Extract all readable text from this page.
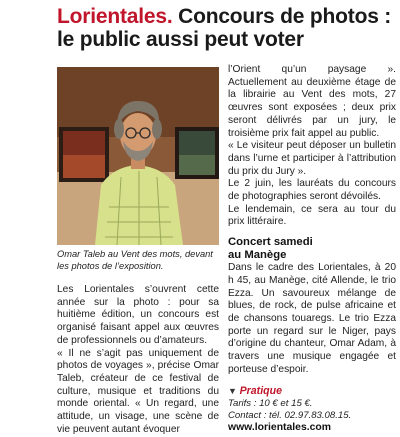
Lorientales. Concours de photos :
le public aussi peut voter
Omar Taleb au Vent des mots, devant les photos de l’exposition.

Les Lorientales s’ouvrent cette année sur la photo : pour sa huitième édition, un concours est organisé faisant appel aux œuvres de professionnels ou d’amateurs.

« Il ne s’agit pas uniquement de photos de voyages », précise Omar Taleb, créateur de ce festival de culture, musique et traditions du monde oriental. « Un regard, une attitude, un visage, une scène de vie peuvent autant évoquer

l’Orient qu’un paysage ». Actuellement au deuxième étage de la librairie au Vent des mots, 27 œuvres sont exposées ; deux prix seront délivrés par un jury, le troisième prix fait appel au public.

« Le visiteur peut déposer un bulletin dans l’urne et participer à l’attribution du prix du Jury ».

Le 2 juin, les lauréats du concours de photographies seront dévoilés.

Le lendemain, ce sera au tour du prix littéraire.

Concert samedi
au Manège

Dans le cadre des Lorientales, à 20 h 45, au Manège, cité Allende, le trio Ezza. Un savoureux mélange de blues, de rock, de pulse africaine et de chansons touaregs. Le trio Ezza porte un regard sur le Niger, pays d’origine du chanteur, Omar Adam, à travers une musique engagée et porteuse d’espoir.

▼ Pratique
Tarifs : 10 € et 15 €.
Contact : tél. 02.97.83.08.15.
www.lorientales.com
